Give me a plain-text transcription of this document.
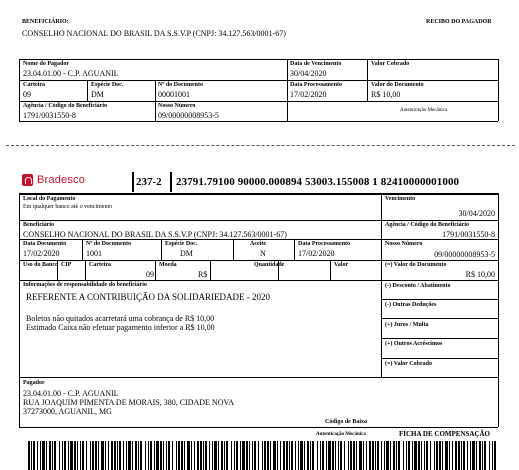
BENEFICIÁRIO:
CONSELHO NACIONAL DO BRASIL DA S.S.V.P (CNPJ: 34.127.563/0001-67)
RECIBO DO PAGADOR
Nome do Pagador
23.04.01.00 - C.P. AGUANIL
Data de Vencimento
30/04/2020
Valor Cobrado
Carteira
09
Espécie Doc.
DM
Nº do Documento
00001001
Data Processamento
17/02/2020
Valor do Documento
R$ 10,00
Agência / Código do Beneficiário
1791/0031550-8
Nosso Número
09/00000008953-5
Autenticação Mecânica
Bradesco	237-2 23791.79100 90000.000894 53003.155008 1 82410000001000
Local do Pagamento
Em qualquer banco até o vencimento
Vencimento
30/04/2020
Beneficiário
CONSELHO NACIONAL DO BRASIL DA S.S.V.P (CNPJ: 34.127.563/0001-67)
Agência / Código do Beneficiário
1791/0031550-8
Data Documento
17/02/2020
Nº do Documento
1001
Espécie Doc.
DM
Aceite
N
Data Processamento
17/02/2020
Nosso Número
09/00000008953-5
Uso do Banco CIP	Carteira
09
Moeda
R$
Quantidade	Valor	(=) Valor do Documento
R$ 10,00
Informações de responsabilidade do beneficiário
REFERENTE A CONTRIBUIÇÃO DA SOLIDARIEDADE - 2020
Boletos não quitados acarretará uma cobrança de R$ 10,00
Estimado Caixa não efetuar pagamento inferior a R$ 10,00
(-) Desconto / Abatimento
(-) Outras Deduções
(+) Juros / Multa
(+) Outros Acréscimos
(=) Valor Cobrado
Pagador
23.04.01.00 - C.P. AGUANIL
RUA JOAQUIM PIMENTA DE MORAIS, 380, CIDADE NOVA
37273000, AGUANIL, MG
Código de Baixa
Autenticação Mecânica	FICHA DE COMPENSAÇÃO
